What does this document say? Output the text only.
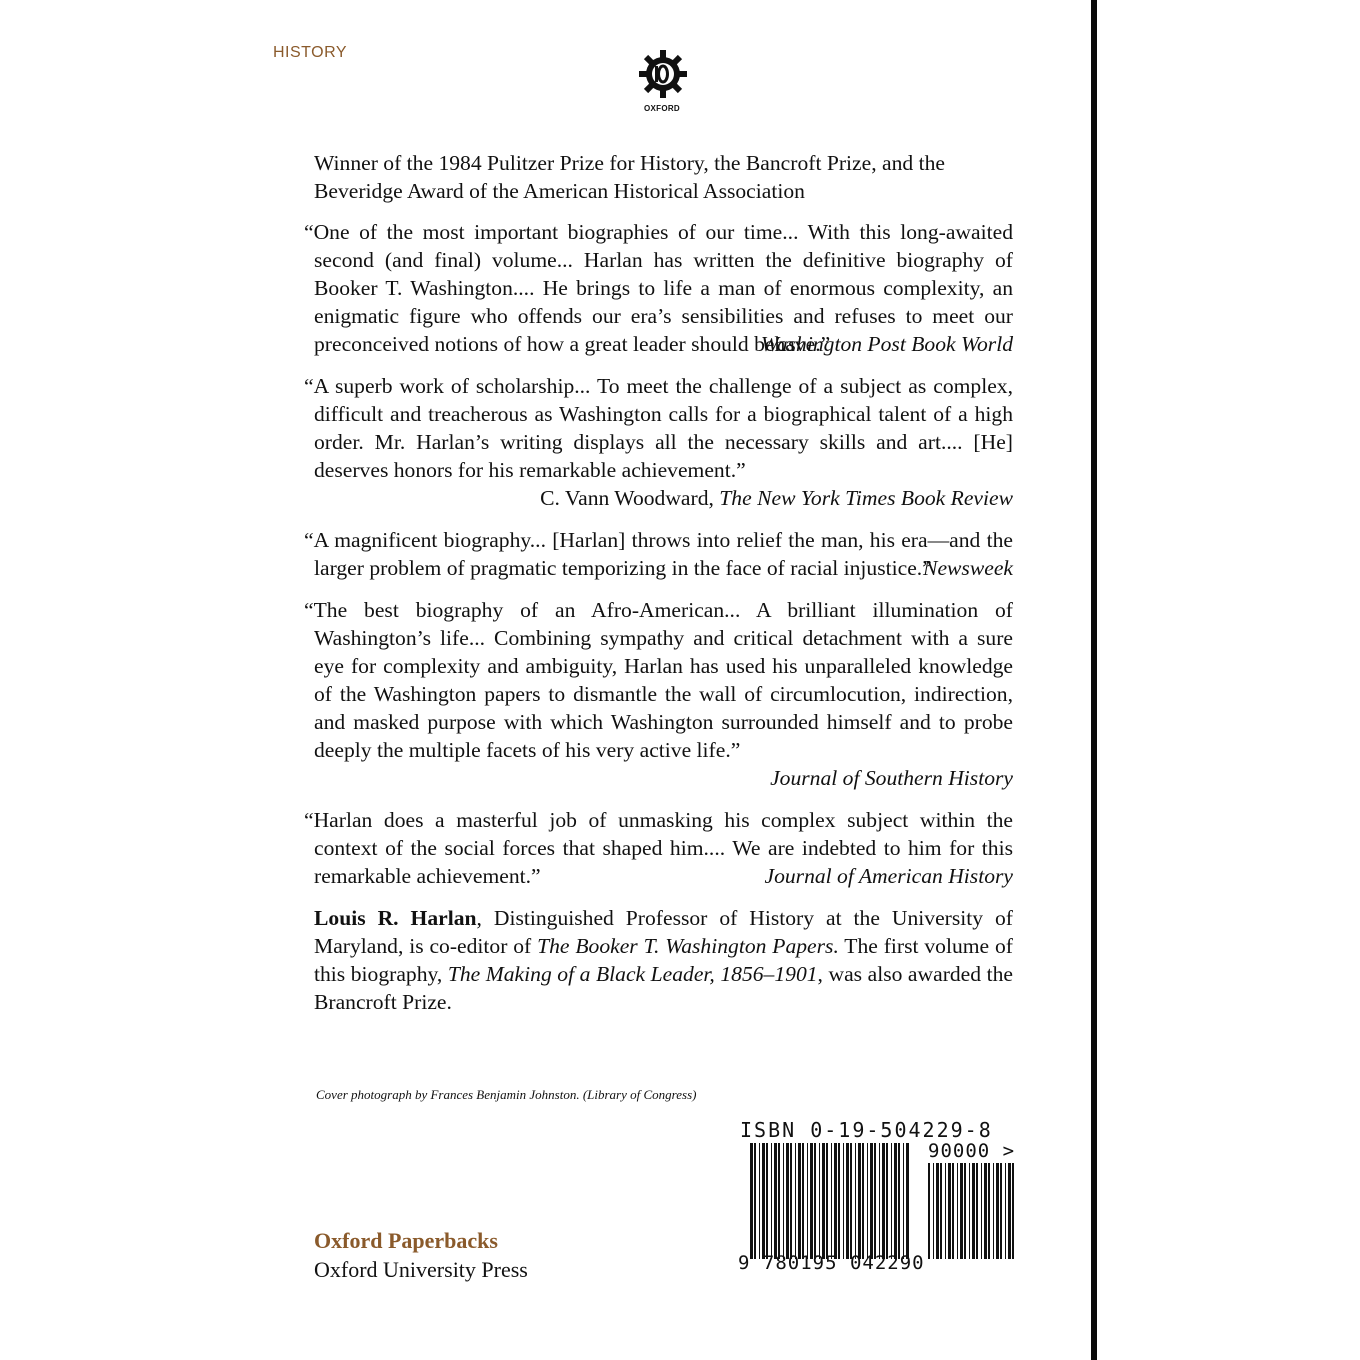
HISTORY
OXFORD
Winner of the 1984 Pulitzer Prize for History, the Bancroft Prize, and the Beveridge Award of the American Historical Association
“One of the most important biographies of our time... With this long-awaited second (and final) volume... Harlan has written the definitive biography of Booker T. Washington.... He brings to life a man of enormous complexity, an enigmatic figure who offends our era’s sensibilities and refuses to meet our preconceived notions of how a great leader should behave.”
Washington Post Book World
“A superb work of scholarship... To meet the challenge of a subject as complex, difficult and treacherous as Washington calls for a biographical talent of a high order. Mr. Harlan’s writing displays all the necessary skills and art.... [He] deserves honors for his remarkable achievement.”
C. Vann Woodward, The New York Times Book Review
“A magnificent biography... [Harlan] throws into relief the man, his era—and the larger problem of pragmatic temporizing in the face of racial injustice.”
Newsweek
“The best biography of an Afro-American... A brilliant illumination of Washington’s life... Combining sympathy and critical detachment with a sure eye for complexity and ambiguity, Harlan has used his unparalleled knowledge of the Washington papers to dismantle the wall of circumlocution, indirection, and masked purpose with which Washington surrounded himself and to probe deeply the multiple facets of his very active life.”
Journal of Southern History
“Harlan does a masterful job of unmasking his complex subject within the context of the social forces that shaped him.... We are indebted to him for this remarkable achievement.”	Journal of American History
Louis R. Harlan, Distinguished Professor of History at the University of Maryland, is co-editor of The Booker T. Washington Papers. The first volume of this biography, The Making of a Black Leader, 1856–1901, was also awarded the Brancroft Prize.
Cover photograph by Frances Benjamin Johnston. (Library of Congress)
Oxford Paperbacks
Oxford University Press
ISBN 0-19-504229-8
90000 >
9 780195 042290
